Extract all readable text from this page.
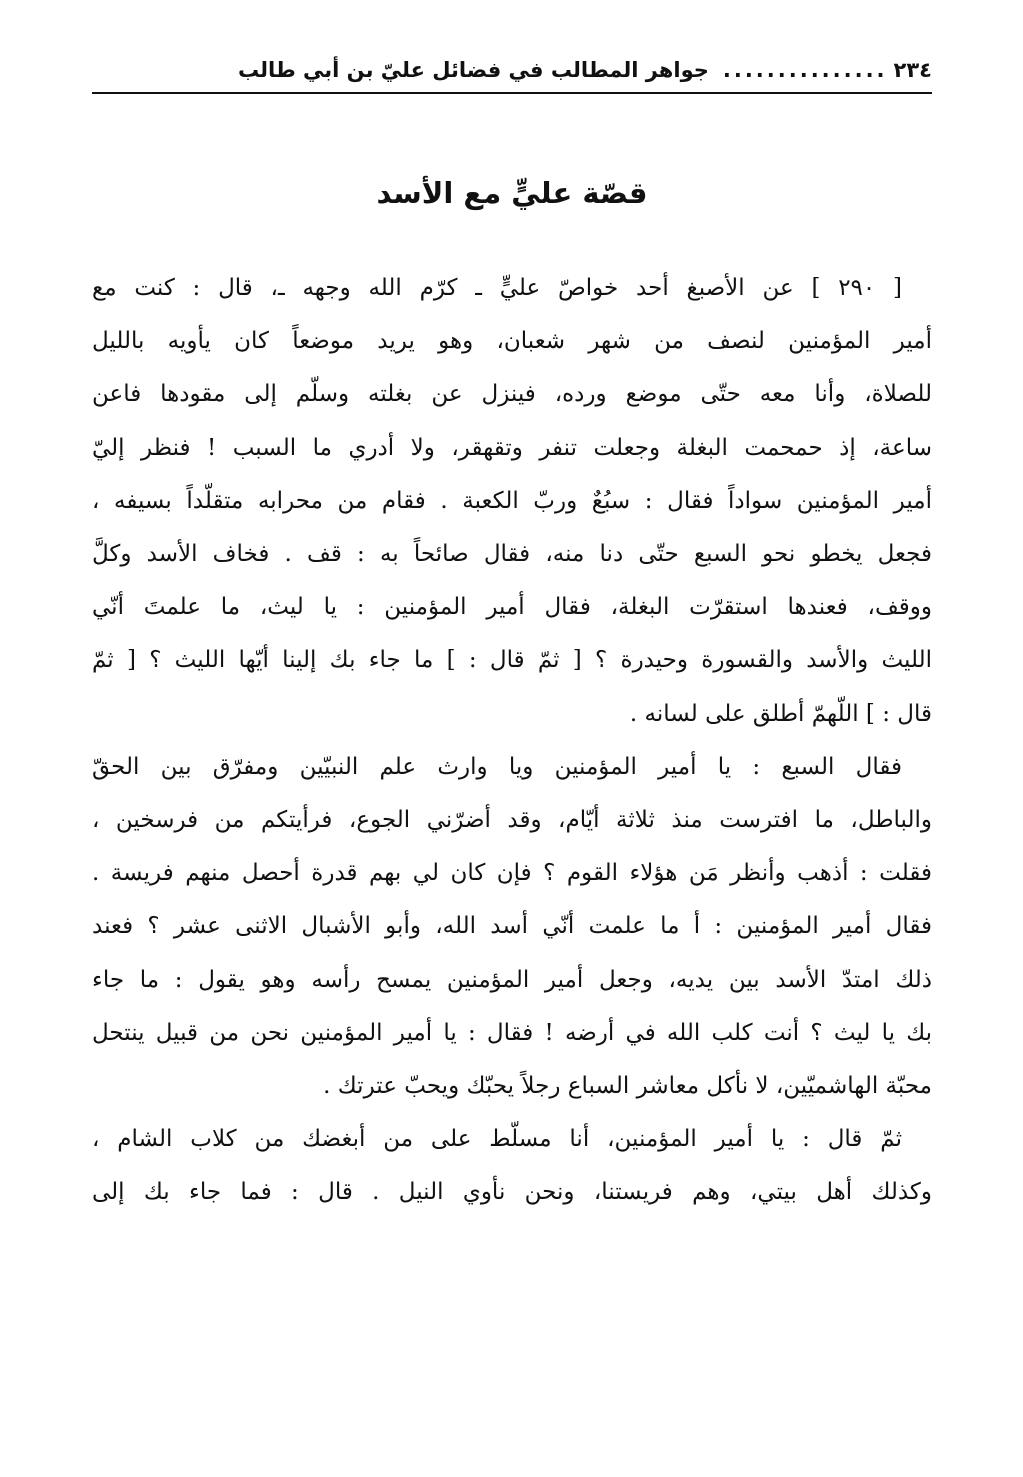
٢٣٤
...............
جواهر المطالب في فضائل عليّ بن أبي طالب
قصّة عليٍّ مع الأسد

[ ٢٩٠ ] عن الأصبغ أحد خواصّ عليٍّ ـ كرّم الله وجهه ـ، قال : كنت مع
أمير المؤمنين لنصف من شهر شعبان، وهو يريد موضعاً كان يأويه بالليل
للصلاة، وأنا معه حتّى موضع ورده، فينزل عن بغلته وسلّم إلى مقودها فاعن
ساعة، إذ حمحمت البغلة وجعلت تنفر وتقهقر، ولا أدري ما السبب ! فنظر إليّ
أمير المؤمنين سواداً فقال : سبُعٌ وربّ الكعبة . فقام من محرابه متقلّداً بسيفه ،
فجعل يخطو نحو السبع حتّى دنا منه، فقال صائحاً به : قف . فخاف الأسد وكلَّ
ووقف، فعندها استقرّت البغلة، فقال أمير المؤمنين : يا ليث، ما علمتَ أنّي
الليث والأسد والقسورة وحيدرة ؟ [ ثمّ قال : ] ما جاء بك إلينا أيّها الليث ؟ [ ثمّ
قال : ] اللّهمّ أطلق على لسانه .

فقال السبع : يا أمير المؤمنين ويا وارث علم النبيّين ومفرّق بين الحقّ
والباطل، ما افترست منذ ثلاثة أيّام، وقد أضرّني الجوع، فرأيتكم من فرسخين ،
فقلت : أذهب وأنظر مَن هؤلاء القوم ؟ فإن كان لي بهم قدرة أحصل منهم فريسة .
فقال أمير المؤمنين : أ ما علمت أنّي أسد الله، وأبو الأشبال الاثنى عشر ؟ فعند
ذلك امتدّ الأسد بين يديه، وجعل أمير المؤمنين يمسح رأسه وهو يقول : ما جاء
بك يا ليث ؟ أنت كلب الله في أرضه ! فقال : يا أمير المؤمنين نحن من قبيل ينتحل
محبّة الهاشميّين، لا نأكل معاشر السباع رجلاً يحبّك ويحبّ عترتك .

ثمّ قال : يا أمير المؤمنين، أنا مسلّط على من أبغضك من كلاب الشام ،
وكذلك أهل بيتي، وهم فريستنا، ونحن نأوي النيل . قال : فما جاء بك إلى
